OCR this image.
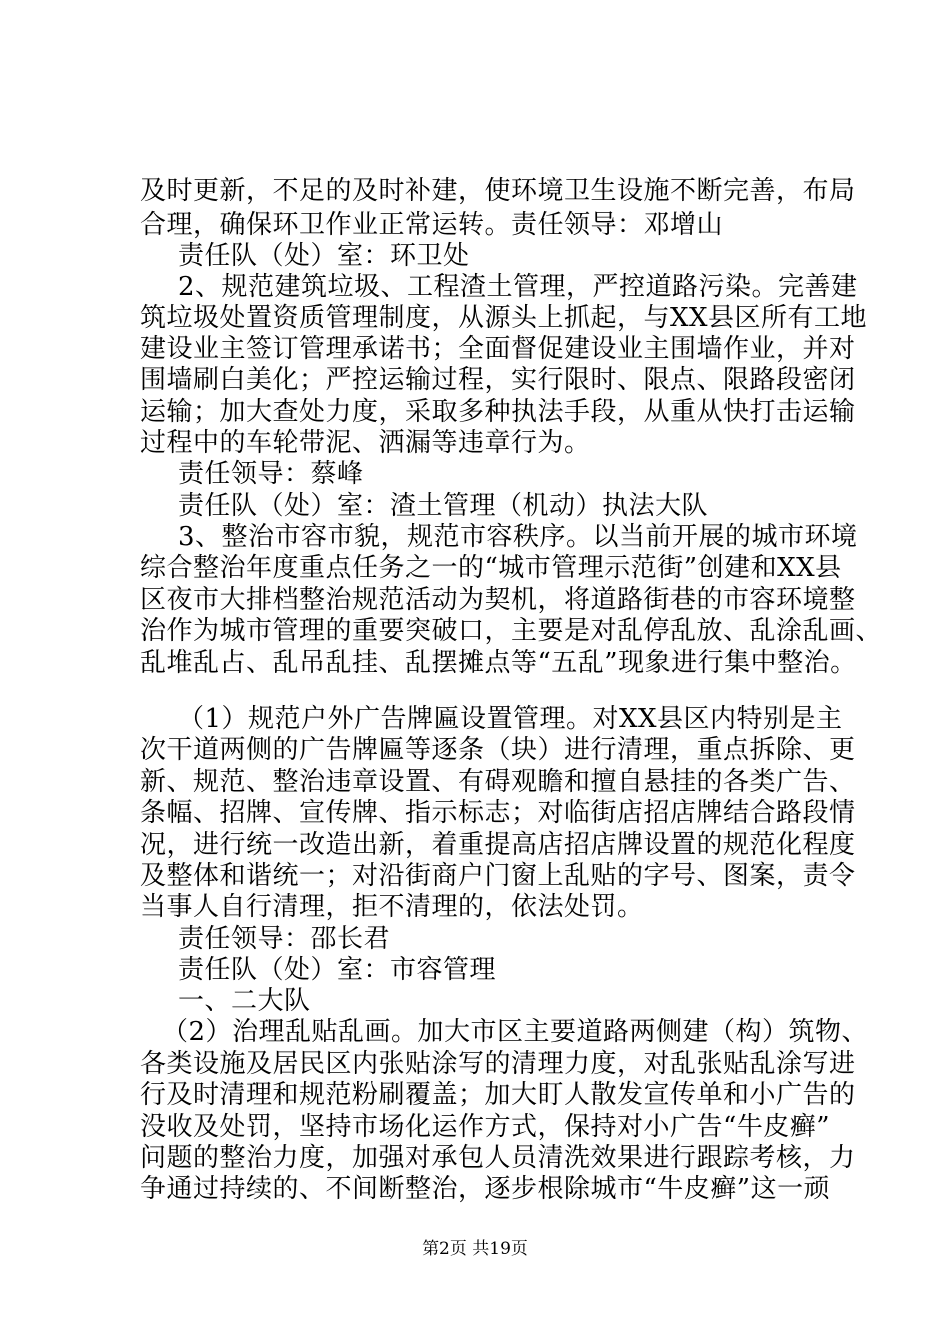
及时更新，不足的及时补建，使环境卫生设施不断完善，布局
合理，确保环卫作业正常运转。责任领导：邓增山
责任队（处）室：环卫处
2、规范建筑垃圾、工程渣土管理，严控道路污染。完善建
筑垃圾处置资质管理制度，从源头上抓起，与XX县区所有工地
建设业主签订管理承诺书；全面督促建设业主围墙作业，并对
围墙刷白美化；严控运输过程，实行限时、限点、限路段密闭
运输；加大查处力度，采取多种执法手段，从重从快打击运输
过程中的车轮带泥、洒漏等违章行为。
责任领导：蔡峰
责任队（处）室：渣土管理（机动）执法大队
3、整治市容市貌，规范市容秩序。以当前开展的城市环境
综合整治年度重点任务之一的“城市管理示范街”创建和XX县
区夜市大排档整治规范活动为契机，将道路街巷的市容环境整
治作为城市管理的重要突破口，主要是对乱停乱放、乱涂乱画、
乱堆乱占、乱吊乱挂、乱摆摊点等“五乱”现象进行集中整治。
（1）规范户外广告牌匾设置管理。对XX县区内特别是主
次干道两侧的广告牌匾等逐条（块）进行清理，重点拆除、更
新、规范、整治违章设置、有碍观瞻和擅自悬挂的各类广告、
条幅、招牌、宣传牌、指示标志；对临街店招店牌结合路段情
况，进行统一改造出新，着重提高店招店牌设置的规范化程度
及整体和谐统一；对沿街商户门窗上乱贴的字号、图案，责令
当事人自行清理，拒不清理的，依法处罚。
责任领导：邵长君
责任队（处）室：市容管理
一、二大队
（2）治理乱贴乱画。加大市区主要道路两侧建（构）筑物、
各类设施及居民区内张贴涂写的清理力度，对乱张贴乱涂写进
行及时清理和规范粉刷覆盖；加大盯人散发宣传单和小广告的
没收及处罚，坚持市场化运作方式，保持对小广告“牛皮癣”
问题的整治力度，加强对承包人员清洗效果进行跟踪考核，力
争通过持续的、不间断整治，逐步根除城市“牛皮癣”这一顽
第2页 共19页
